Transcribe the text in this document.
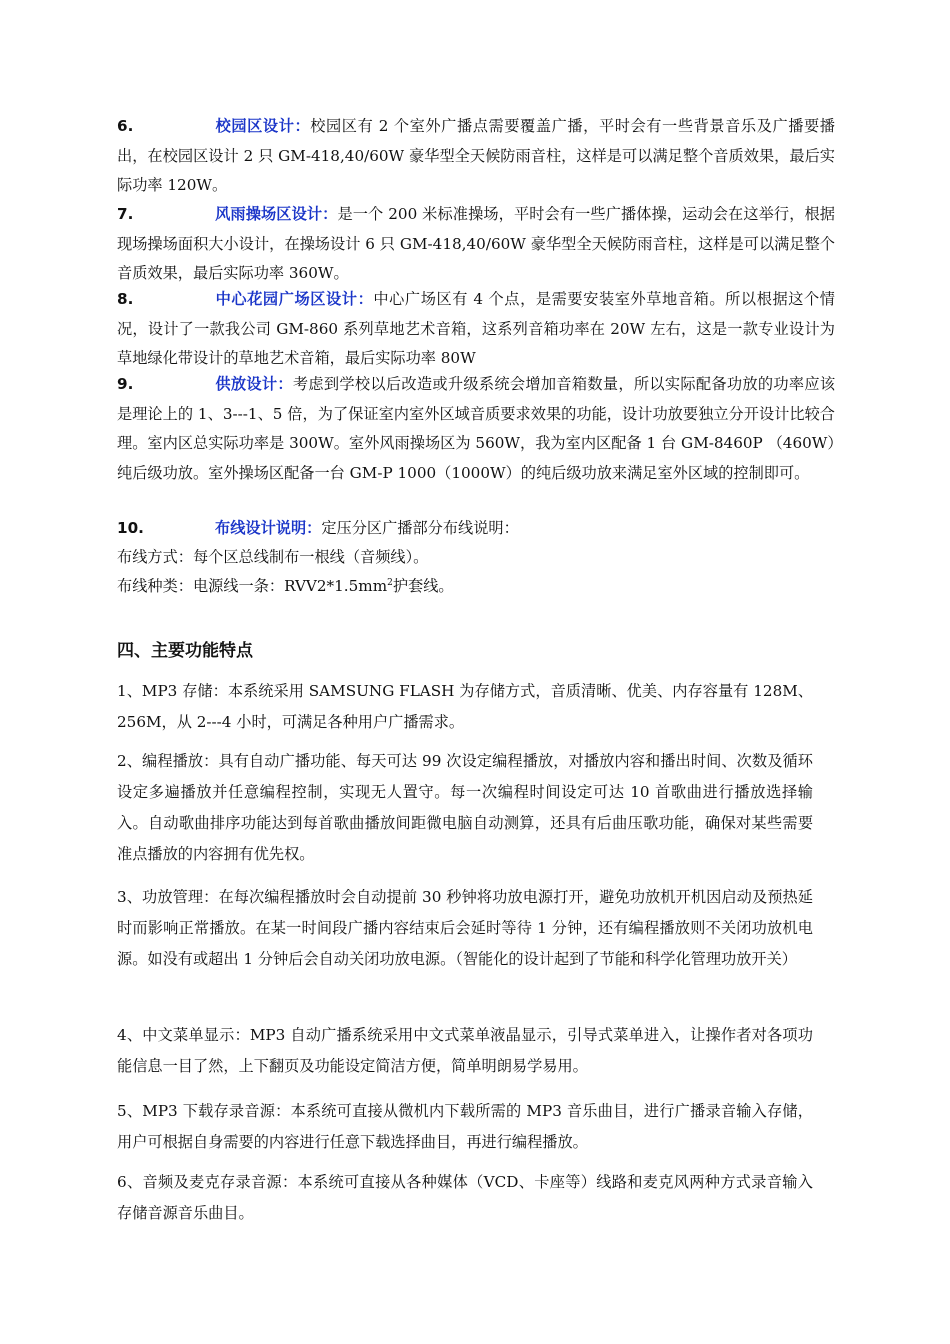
6.	校园区设计：校园区有 2 个室外广播点需要覆盖广播，平时会有一些背景音乐及广播要播出，在校园区设计 2 只 GM-418,40/60W 豪华型全天候防雨音柱，这样是可以满足整个音质效果，最后实际功率 120W。

7.	风雨操场区设计：是一个 200 米标准操场，平时会有一些广播体操，运动会在这举行，根据现场操场面积大小设计，在操场设计 6 只 GM-418,40/60W 豪华型全天候防雨音柱，这样是可以满足整个音质效果，最后实际功率 360W。

8.	中心花园广场区设计：中心广场区有 4 个点，是需要安装室外草地音箱。所以根据这个情况，设计了一款我公司 GM-860 系列草地艺术音箱，这系列音箱功率在 20W 左右，这是一款专业设计为草地绿化带设计的草地艺术音箱，最后实际功率 80W

9.	供放设计：考虑到学校以后改造或升级系统会增加音箱数量，所以实际配备功放的功率应该是理论上的 1、3---1、5 倍，为了保证室内室外区域音质要求效果的功能，设计功放要独立分开设计比较合理。室内区总实际功率是 300W。室外风雨操场区为 560W，我为室内区配备 1 台 GM-8460P （460W）纯后级功放。室外操场区配备一台 GM-P 1000（1000W）的纯后级功放来满足室外区域的控制即可。

10.	布线设计说明：定压分区广播部分布线说明：

布线方式：每个区总线制布一根线（音频线）。

布线种类：电源线一条：$RVV2*1.5mm^2$护套线。

四、主要功能特点

1、MP3 存储：本系统采用 SAMSUNG FLASH 为存储方式，音质清晰、优美、内存容量有 128M、256M，从 2---4 小时，可满足各种用户广播需求。

2、编程播放：具有自动广播功能、每天可达 99 次设定编程播放，对播放内容和播出时间、次数及循环设定多遍播放并任意编程控制，实现无人置守。每一次编程时间设定可达 10 首歌曲进行播放选择输入。自动歌曲排序功能达到每首歌曲播放间距微电脑自动测算，还具有后曲压歌功能，确保对某些需要准点播放的内容拥有优先权。

3、功放管理：在每次编程播放时会自动提前 30 秒钟将功放电源打开，避免功放机开机因启动及预热延时而影响正常播放。在某一时间段广播内容结束后会延时等待 1 分钟，还有编程播放则不关闭功放机电源。如没有或超出 1 分钟后会自动关闭功放电源。（智能化的设计起到了节能和科学化管理功放开关）

4、中文菜单显示：MP3 自动广播系统采用中文式菜单液晶显示，引导式菜单进入，让操作者对各项功能信息一目了然，上下翻页及功能设定简洁方便，简单明朗易学易用。

5、MP3 下载存录音源：本系统可直接从微机内下载所需的 MP3 音乐曲目，进行广播录音输入存储，用户可根据自身需要的内容进行任意下载选择曲目，再进行编程播放。

6、音频及麦克存录音源：本系统可直接从各种媒体（VCD、卡座等）线路和麦克风两种方式录音输入存储音源音乐曲目。
